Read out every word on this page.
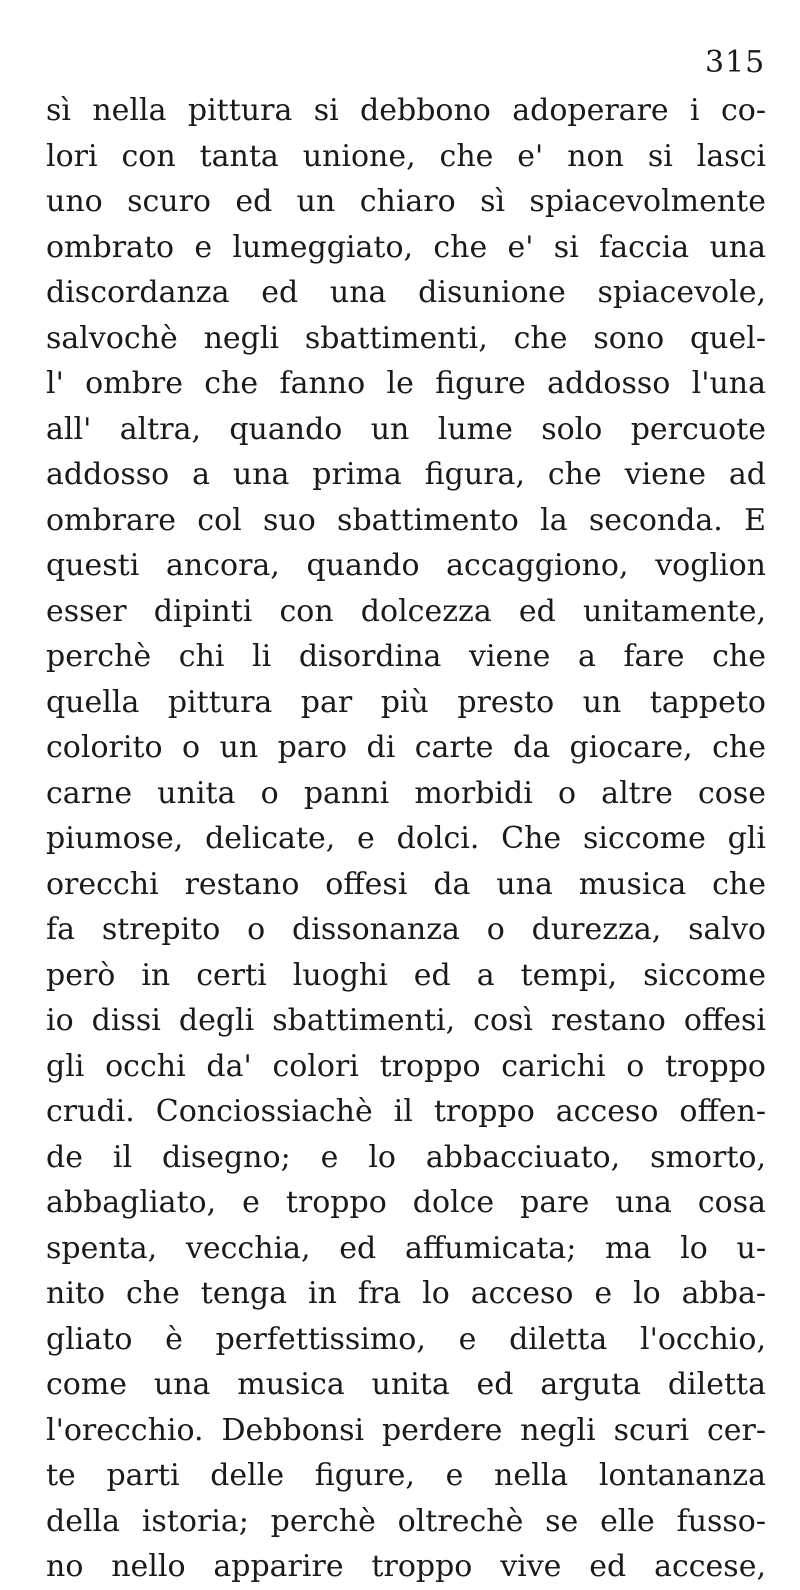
315
sì nella pittura si debbono adoperare i co-
lori con tanta unione, che e' non si lasci
uno scuro ed un chiaro sì spiacevolmente
ombrato e lumeggiato, che e' si faccia una
discordanza ed una disunione spiacevole,
salvochè negli sbattimenti, che sono quel-
l' ombre che fanno le figure addosso l'una
all' altra, quando un lume solo percuote
addosso a una prima figura, che viene ad
ombrare col suo sbattimento la seconda. E
questi ancora, quando accaggiono, voglion
esser dipinti con dolcezza ed unitamente,
perchè chi li disordina viene a fare che
quella pittura par più presto un tappeto
colorito o un paro di carte da giocare, che
carne unita o panni morbidi o altre cose
piumose, delicate, e dolci. Che siccome gli
orecchi restano offesi da una musica che
fa strepito o dissonanza o durezza, salvo
però in certi luoghi ed a tempi, siccome
io dissi degli sbattimenti, così restano offesi
gli occhi da' colori troppo carichi o troppo
crudi. Conciossiachè il troppo acceso offen-
de il disegno; e lo abbacciuato, smorto,
abbagliato, e troppo dolce pare una cosa
spenta, vecchia, ed affumicata; ma lo u-
nito che tenga in fra lo acceso e lo abba-
gliato è perfettissimo, e diletta l'occhio,
come una musica unita ed arguta diletta
l'orecchio. Debbonsi perdere negli scuri cer-
te parti delle figure, e nella lontananza
della istoria; perchè oltrechè se elle fusso-
no nello apparire troppo vive ed accese,
